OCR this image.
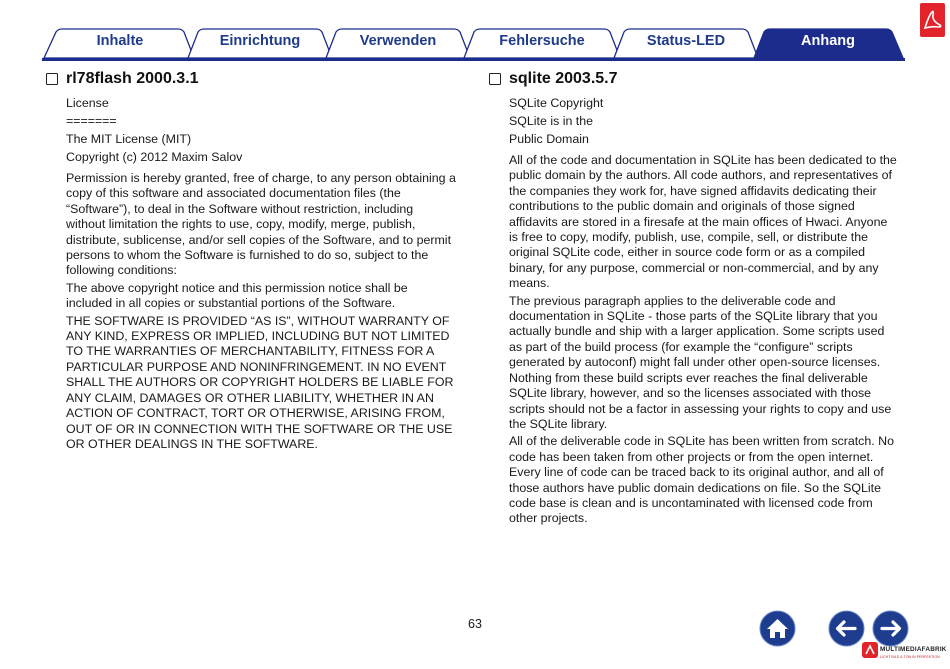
Inhalte	Einrichtung	Verwenden	Fehlersuche	Status-LED	Anhang
rl78flash 2000.3.1
License
=======
The MIT License (MIT)
Copyright (c) 2012 Maxim Salov
Permission is hereby granted, free of charge, to any person obtaining a
copy of this software and associated documentation files (the
“Software”), to deal in the Software without restriction, including
without limitation the rights to use, copy, modify, merge, publish,
distribute, sublicense, and/or sell copies of the Software, and to permit
persons to whom the Software is furnished to do so, subject to the
following conditions:
The above copyright notice and this permission notice shall be
included in all copies or substantial portions of the Software.
THE SOFTWARE IS PROVIDED “AS IS”, WITHOUT WARRANTY OF
ANY KIND, EXPRESS OR IMPLIED, INCLUDING BUT NOT LIMITED
TO THE WARRANTIES OF MERCHANTABILITY, FITNESS FOR A
PARTICULAR PURPOSE AND NONINFRINGEMENT. IN NO EVENT
SHALL THE AUTHORS OR COPYRIGHT HOLDERS BE LIABLE FOR
ANY CLAIM, DAMAGES OR OTHER LIABILITY, WHETHER IN AN
ACTION OF CONTRACT, TORT OR OTHERWISE, ARISING FROM,
OUT OF OR IN CONNECTION WITH THE SOFTWARE OR THE USE
OR OTHER DEALINGS IN THE SOFTWARE.
sqlite 2003.5.7
SQLite Copyright
SQLite is in the
Public Domain
All of the code and documentation in SQLite has been dedicated to the
public domain by the authors. All code authors, and representatives of
the companies they work for, have signed affidavits dedicating their
contributions to the public domain and originals of those signed
affidavits are stored in a firesafe at the main offices of Hwaci. Anyone
is free to copy, modify, publish, use, compile, sell, or distribute the
original SQLite code, either in source code form or as a compiled
binary, for any purpose, commercial or non-commercial, and by any
means.
The previous paragraph applies to the deliverable code and
documentation in SQLite - those parts of the SQLite library that you
actually bundle and ship with a larger application. Some scripts used
as part of the build process (for example the “configure” scripts
generated by autoconf) might fall under other open-source licenses.
Nothing from these build scripts ever reaches the final deliverable
SQLite library, however, and so the licenses associated with those
scripts should not be a factor in assessing your rights to copy and use
the SQLite library.
All of the deliverable code in SQLite has been written from scratch. No
code has been taken from other projects or from the open internet.
Every line of code can be traced back to its original author, and all of
those authors have public domain dedications on file. So the SQLite
code base is clean and is uncontaminated with licensed code from
other projects.
63
MULTIMEDIAFABRIK
LICHT BILD & TON IN PERFEKTION
